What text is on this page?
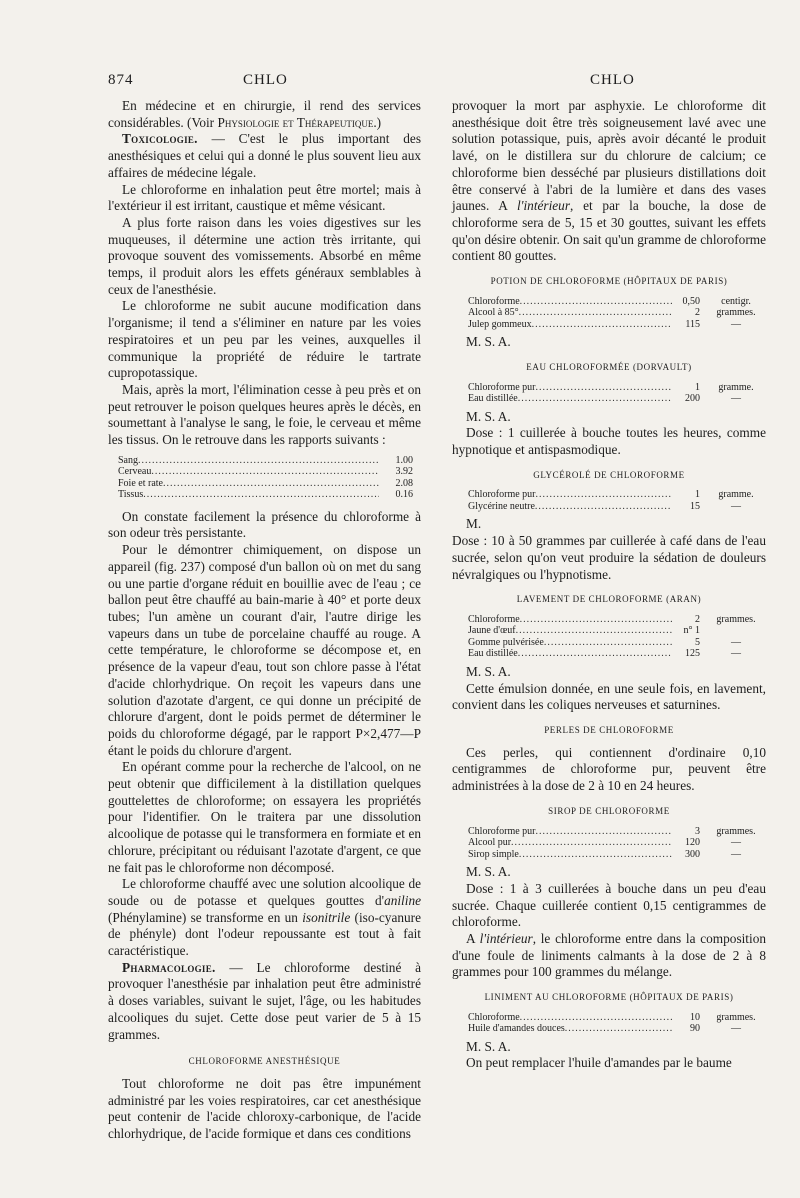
874	CHLO	CHLO

En médecine et en chirurgie, il rend des services considérables. (Voir Physiologie et Thérapeutique.)

Toxicologie. — C'est le plus important des anesthésiques et celui qui a donné le plus souvent lieu aux affaires de médecine légale.

Le chloroforme en inhalation peut être mortel; mais à l'extérieur il est irritant, caustique et même vésicant.

A plus forte raison dans les voies digestives sur les muqueuses, il détermine une action très irritante, qui provoque souvent des vomissements. Absorbé en même temps, il produit alors les effets généraux semblables à ceux de l'anesthésie.

Le chloroforme ne subit aucune modification dans l'organisme; il tend a s'éliminer en nature par les voies respiratoires et un peu par les veines, auxquelles il communique la propriété de réduire le tartrate cupropotassique.

Mais, après la mort, l'élimination cesse à peu près et on peut retrouver le poison quelques heures après le décès, en soumettant à l'analyse le sang, le foie, le cerveau et même les tissus. On le retrouve dans les rapports suivants :

Sang .....	1.00
Cerveau .....	3.92
Foie et rate .....	2.08
Tissus .....	0.16

On constate facilement la présence du chloroforme à son odeur très persistante.

Pour le démontrer chimiquement, on dispose un appareil (fig. 237) composé d'un ballon où on met du sang ou une partie d'organe réduit en bouillie avec de l'eau ; ce ballon peut être chauffé au bain-marie à 40° et porte deux tubes; l'un amène un courant d'air, l'autre dirige les vapeurs dans un tube de porcelaine chauffé au rouge. A cette température, le chloroforme se décompose et, en présence de la vapeur d'eau, tout son chlore passe à l'état d'acide chlorhydrique. On reçoit les vapeurs dans une solution d'azotate d'argent, ce qui donne un précipité de chlorure d'argent, dont le poids permet de déterminer le poids du chloroforme dégagé, par le rapport P×2,477—P étant le poids du chlorure d'argent.

En opérant comme pour la recherche de l'alcool, on ne peut obtenir que difficilement à la distillation quelques gouttelettes de chloroforme; on essayera les propriétés pour l'identifier. On le traitera par une dissolution alcoolique de potasse qui le transformera en formiate et en chlorure, précipitant ou réduisant l'azotate d'argent, ce que ne fait pas le chloroforme non décomposé.

Le chloroforme chauffé avec une solution alcoolique de soude ou de potasse et quelques gouttes d'aniline (Phénylamine) se transforme en un isonitrile (iso-cyanure de phényle) dont l'odeur repoussante est tout à fait caractéristique.

Pharmacologie. — Le chloroforme destiné à provoquer l'anesthésie par inhalation peut être administré à doses variables, suivant le sujet, l'âge, ou les habitudes alcooliques du sujet. Cette dose peut varier de 5 à 15 grammes.

CHLOROFORME ANESTHÉSIQUE

Tout chloroforme ne doit pas être impunément administré par les voies respiratoires, car cet anesthésique peut contenir de l'acide chloroxy-carbonique, de l'acide chlorhydrique, de l'acide formique et dans ces conditions

provoquer la mort par asphyxie. Le chloroforme dit anesthésique doit être très soigneusement lavé avec une solution potassique, puis, après avoir décanté le produit lavé, on le distillera sur du chlorure de calcium; ce chloroforme bien desséché par plusieurs distillations doit être conservé à l'abri de la lumière et dans des vases jaunes. A l'intérieur, et par la bouche, la dose de chloroforme sera de 5, 15 et 30 gouttes, suivant les effets qu'on désire obtenir. On sait qu'un gramme de chloroforme contient 80 gouttes.

POTION DE CHLOROFORME (HÔPITAUX DE PARIS)
Chloroforme .....	0,50	centigr.
Alcool à 85° .....	2	grammes.
Julep gommeux .....	115	—

M. S. A.

EAU CHLOROFORMÉE (DORVAULT)
Chloroforme pur .....	1	gramme.
Eau distillée .....	200	—

M. S. A.

Dose : 1 cuillerée à bouche toutes les heures, comme hypnotique et antispasmodique.

GLYCÉROLÉ DE CHLOROFORME
Chloroforme pur .....	1	gramme.
Glycérine neutre .....	15	—

M.

Dose : 10 à 50 grammes par cuillerée à café dans de l'eau sucrée, selon qu'on veut produire la sédation de douleurs névralgiques ou l'hypnotisme.

LAVEMENT DE CHLOROFORME (ARAN)
Chloroforme .....	2	grammes.
Jaune d'œuf .....	n° 1
Gomme pulvérisée .....	5	—
Eau distillée .....	125	—

M. S. A.

Cette émulsion donnée, en une seule fois, en lavement, convient dans les coliques nerveuses et saturnines.

PERLES DE CHLOROFORME

Ces perles, qui contiennent d'ordinaire 0,10 centigrammes de chloroforme pur, peuvent être administrées à la dose de 2 à 10 en 24 heures.

SIROP DE CHLOROFORME
Chloroforme pur .....	3	grammes.
Alcool pur .....	120	—
Sirop simple .....	300	—

M. S. A.

Dose : 1 à 3 cuillerées à bouche dans un peu d'eau sucrée. Chaque cuillerée contient 0,15 centigrammes de chloroforme.

A l'intérieur, le chloroforme entre dans la composition d'une foule de liniments calmants à la dose de 2 à 8 grammes pour 100 grammes du mélange.

LINIMENT AU CHLOROFORME (HÔPITAUX DE PARIS)
Chloroforme .....	10	grammes.
Huile d'amandes douces .....	90	—

M. S. A.

On peut remplacer l'huile d'amandes par le baume
